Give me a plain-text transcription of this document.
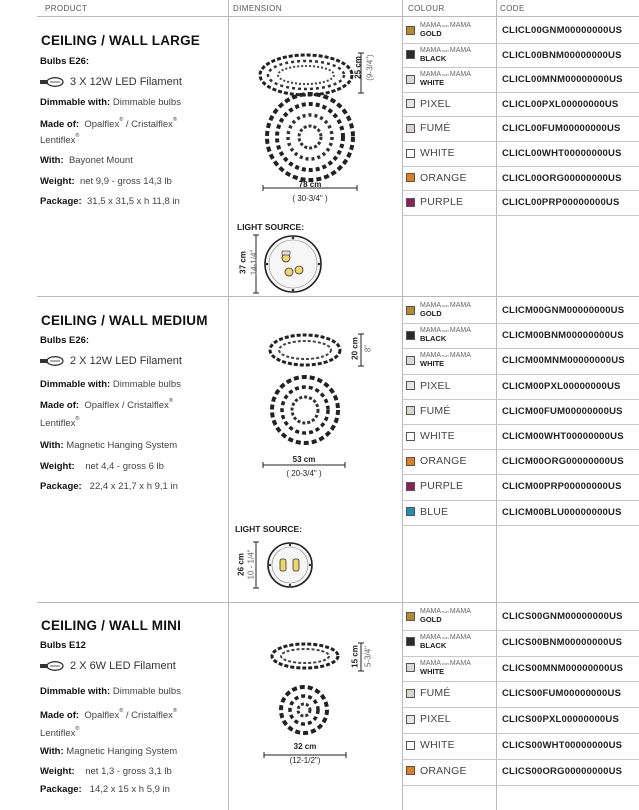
PRODUCT	DIMENSION	COLOUR	CODE
CEILING / WALL LARGE
Bulbs E26:
3 X 12W LED Filament
Dimmable with: Dimmable bulbs
Made of: Opalflex® / Cristalflex®
Lentiflex®
With: Bayonet Mount
Weight: net 9,9 - gross 14,3 lb
Package: 31,5 x 31,5 x h 11,8 in
25 cm (9-3/4")
78 cm
( 30-3/4" )
LIGHT SOURCE:
37 cm 14-1/4"
CEILING / WALL MEDIUM
Bulbs E26:
2 X 12W LED Filament
Dimmable with: Dimmable bulbs
Made of: Opalflex / Cristalflex®
Lentiflex®
With: Magnetic Hanging System
Weight: net 4,4 - gross 6 lb
Package: 22,4 x 21,7 x h 9,1 in
20 cm 8"
53 cm
( 20-3/4" )
LIGHT SOURCE:
26 cm 10 - 1/4"
CEILING / WALL MINI
Bulbs E12
2 X 6W LED Filament
Dimmable with: Dimmable bulbs
Made of: Opalflex® / Cristalflex®
Lentiflex®
With: Magnetic Hanging System
Weight: net 1,3 - gross 3,1 lb
Package: 14,2 x 15 x h 5,9 in
15 cm 5-3/4"
32 cm
(12-1/2")
MAMA non MAMA
GOLD	CLICL00GNM00000000US
MAMA non MAMA
BLACK	CLICL00BNM00000000US
MAMA non MAMA
WHITE	CLICL00MNM00000000US
PIXEL	CLICL00PXL00000000US
FUMÉ	CLICL00FUM00000000US
WHITE	CLICL00WHT00000000US
ORANGE	CLICL00ORG00000000US
PURPLE	CLICL00PRP00000000US
MAMA non MAMA
GOLD	CLICM00GNM00000000US
MAMA non MAMA
BLACK	CLICM00BNM00000000US
MAMA non MAMA
WHITE	CLICM00MNM00000000US
PIXEL	CLICM00PXL00000000US
FUMÉ	CLICM00FUM00000000US
WHITE	CLICM00WHT00000000US
ORANGE	CLICM00ORG00000000US
PURPLE	CLICM00PRP00000000US
BLUE	CLICM00BLU00000000US
MAMA non MAMA
GOLD	CLICS00GNM00000000US
MAMA non MAMA
BLACK	CLICS00BNM00000000US
MAMA non MAMA
WHITE	CLICS00MNM00000000US
FUMÉ	CLICS00FUM00000000US
PIXEL	CLICS00PXL00000000US
WHITE	CLICS00WHT00000000US
ORANGE	CLICS00ORG00000000US
